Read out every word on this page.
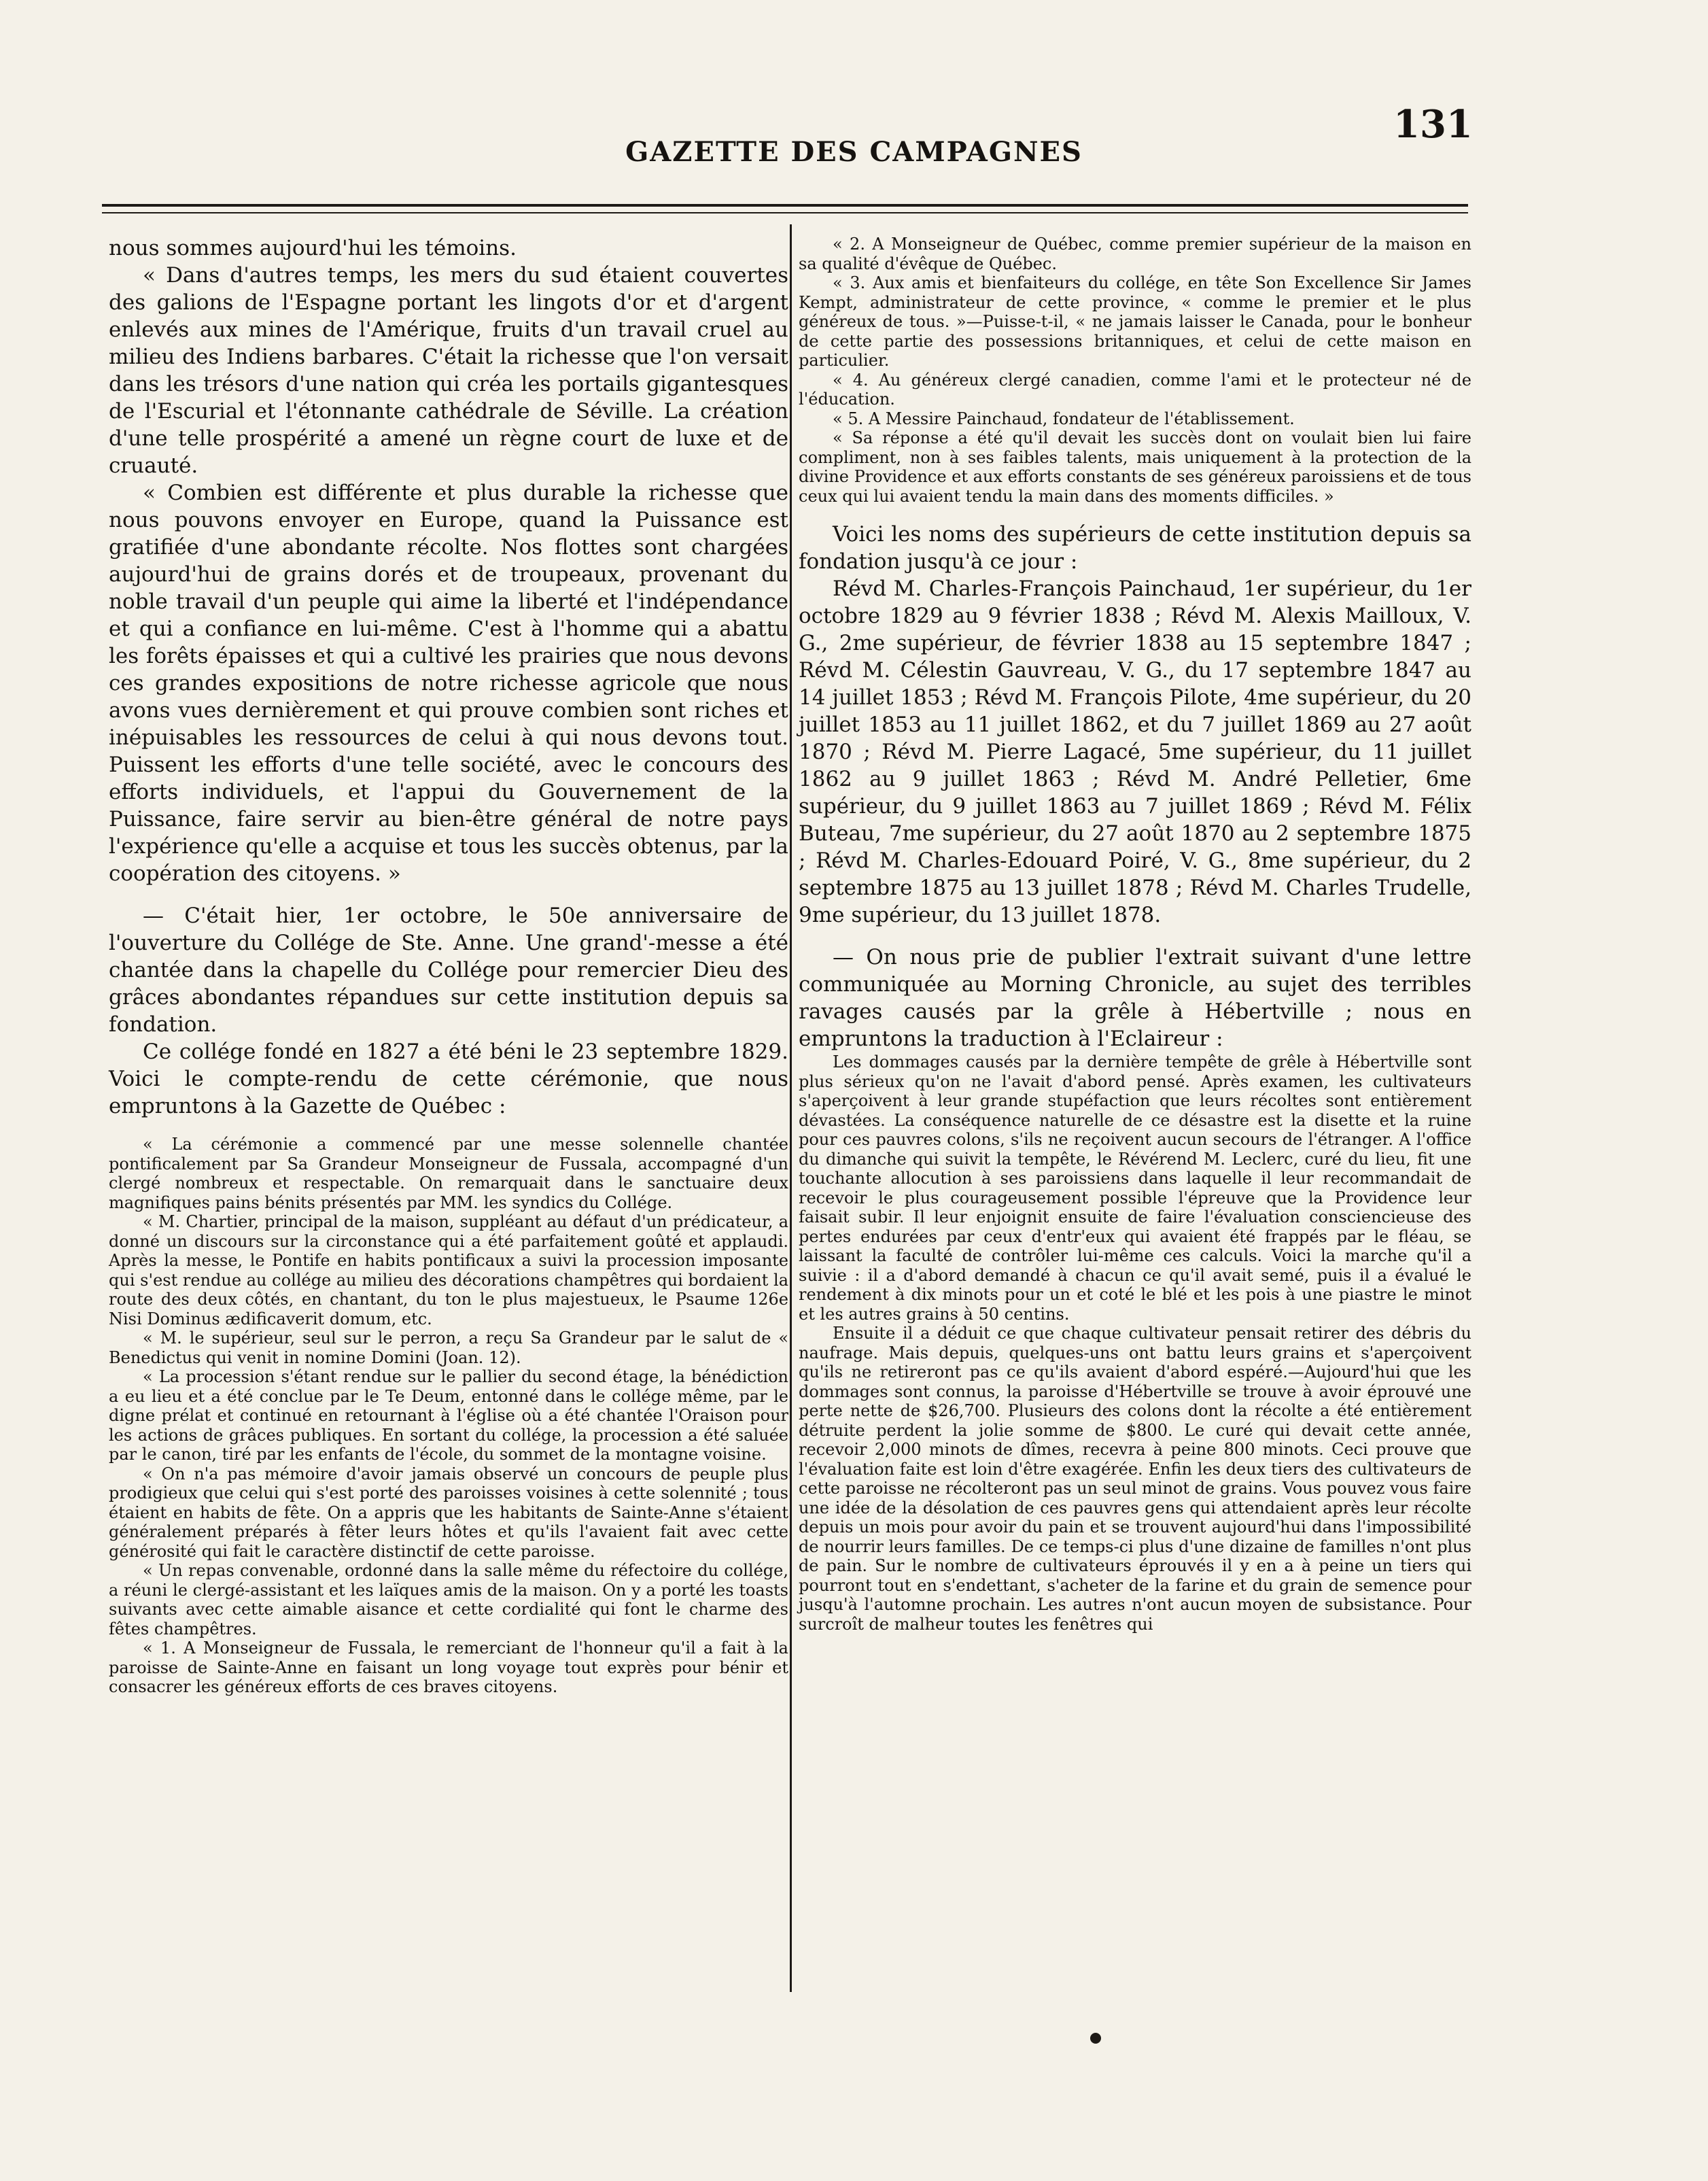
GAZETTE DES CAMPAGNES
131

nous sommes aujourd'hui les témoins.

« Dans d'autres temps, les mers du sud étaient couvertes des galions de l'Espagne portant les lingots d'or et d'argent enlevés aux mines de l'Amérique, fruits d'un travail cruel au milieu des Indiens barbares. C'était la richesse que l'on versait dans les trésors d'une nation qui créa les portails gigantesques de l'Escurial et l'étonnante cathédrale de Séville. La création d'une telle prospérité a amené un règne court de luxe et de cruauté.

« Combien est différente et plus durable la richesse que nous pouvons envoyer en Europe, quand la Puissance est gratifiée d'une abondante récolte. Nos flottes sont chargées aujourd'hui de grains dorés et de troupeaux, provenant du noble travail d'un peuple qui aime la liberté et l'indépendance et qui a confiance en lui-même. C'est à l'homme qui a abattu les forêts épaisses et qui a cultivé les prairies que nous devons ces grandes expositions de notre richesse agricole que nous avons vues dernièrement et qui prouve combien sont riches et inépuisables les ressources de celui à qui nous devons tout. Puissent les efforts d'une telle société, avec le concours des efforts individuels, et l'appui du Gouvernement de la Puissance, faire servir au bien-être général de notre pays l'expérience qu'elle a acquise et tous les succès obtenus, par la coopération des citoyens. »

— C'était hier, 1er octobre, le 50e anniversaire de l'ouverture du Collége de Ste. Anne. Une grand'-messe a été chantée dans la chapelle du Collége pour remercier Dieu des grâces abondantes répandues sur cette institution depuis sa fondation.

Ce collége fondé en 1827 a été béni le 23 septembre 1829. Voici le compte-rendu de cette cérémonie, que nous empruntons à la Gazette de Québec :

« La cérémonie a commencé par une messe solennelle chantée pontificalement par Sa Grandeur Monseigneur de Fussala, accompagné d'un clergé nombreux et respectable. On remarquait dans le sanctuaire deux magnifiques pains bénits présentés par MM. les syndics du Collége.

« M. Chartier, principal de la maison, suppléant au défaut d'un prédicateur, a donné un discours sur la circonstance qui a été parfaitement goûté et applaudi. Après la messe, le Pontife en habits pontificaux a suivi la procession imposante qui s'est rendue au collége au milieu des décorations champêtres qui bordaient la route des deux côtés, en chantant, du ton le plus majestueux, le Psaume 126e Nisi Dominus ædificaverit domum, etc.

« M. le supérieur, seul sur le perron, a reçu Sa Grandeur par le salut de « Benedictus qui venit in nomine Domini (Joan. 12).

« La procession s'étant rendue sur le pallier du second étage, la bénédiction a eu lieu et a été conclue par le Te Deum, entonné dans le collége même, par le digne prélat et continué en retournant à l'église où a été chantée l'Oraison pour les actions de grâces publiques. En sortant du collége, la procession a été saluée par le canon, tiré par les enfants de l'école, du sommet de la montagne voisine.

« On n'a pas mémoire d'avoir jamais observé un concours de peuple plus prodigieux que celui qui s'est porté des paroisses voisines à cette solennité ; tous étaient en habits de fête. On a appris que les habitants de Sainte-Anne s'étaient généralement préparés à fêter leurs hôtes et qu'ils l'avaient fait avec cette générosité qui fait le caractère distinctif de cette paroisse.

« Un repas convenable, ordonné dans la salle même du réfectoire du collége, a réuni le clergé-assistant et les laïques amis de la maison. On y a porté les toasts suivants avec cette aimable aisance et cette cordialité qui font le charme des fêtes champêtres.

« 1. A Monseigneur de Fussala, le remerciant de l'honneur qu'il a fait à la paroisse de Sainte-Anne en faisant un long voyage tout exprès pour bénir et consacrer les généreux efforts de ces braves citoyens.

« 2. A Monseigneur de Québec, comme premier supérieur de la maison en sa qualité d'évêque de Québec.

« 3. Aux amis et bienfaiteurs du collége, en tête Son Excellence Sir James Kempt, administrateur de cette province, « comme le premier et le plus généreux de tous. »—Puisse-t-il, « ne jamais laisser le Canada, pour le bonheur de cette partie des possessions britanniques, et celui de cette maison en particulier.

« 4. Au généreux clergé canadien, comme l'ami et le protecteur né de l'éducation.

« 5. A Messire Painchaud, fondateur de l'établissement.

« Sa réponse a été qu'il devait les succès dont on voulait bien lui faire compliment, non à ses faibles talents, mais uniquement à la protection de la divine Providence et aux efforts constants de ses généreux paroissiens et de tous ceux qui lui avaient tendu la main dans des moments difficiles. »

Voici les noms des supérieurs de cette institution depuis sa fondation jusqu'à ce jour :

Révd M. Charles-François Painchaud, 1er supérieur, du 1er octobre 1829 au 9 février 1838 ; Révd M. Alexis Mailloux, V. G., 2me supérieur, de février 1838 au 15 septembre 1847 ; Révd M. Célestin Gauvreau, V. G., du 17 septembre 1847 au 14 juillet 1853 ; Révd M. François Pilote, 4me supérieur, du 20 juillet 1853 au 11 juillet 1862, et du 7 juillet 1869 au 27 août 1870 ; Révd M. Pierre Lagacé, 5me supérieur, du 11 juillet 1862 au 9 juillet 1863 ; Révd M. André Pelletier, 6me supérieur, du 9 juillet 1863 au 7 juillet 1869 ; Révd M. Félix Buteau, 7me supérieur, du 27 août 1870 au 2 septembre 1875 ; Révd M. Charles-Edouard Poiré, V. G., 8me supérieur, du 2 septembre 1875 au 13 juillet 1878 ; Révd M. Charles Trudelle, 9me supérieur, du 13 juillet 1878.

— On nous prie de publier l'extrait suivant d'une lettre communiquée au Morning Chronicle, au sujet des terribles ravages causés par la grêle à Hébertville ; nous en empruntons la traduction à l'Eclaireur :

Les dommages causés par la dernière tempête de grêle à Hébertville sont plus sérieux qu'on ne l'avait d'abord pensé. Après examen, les cultivateurs s'aperçoivent à leur grande stupéfaction que leurs récoltes sont entièrement dévastées. La conséquence naturelle de ce désastre est la disette et la ruine pour ces pauvres colons, s'ils ne reçoivent aucun secours de l'étranger. A l'office du dimanche qui suivit la tempête, le Révérend M. Leclerc, curé du lieu, fit une touchante allocution à ses paroissiens dans laquelle il leur recommandait de recevoir le plus courageusement possible l'épreuve que la Providence leur faisait subir. Il leur enjoignit ensuite de faire l'évaluation consciencieuse des pertes endurées par ceux d'entr'eux qui avaient été frappés par le fléau, se laissant la faculté de contrôler lui-même ces calculs. Voici la marche qu'il a suivie : il a d'abord demandé à chacun ce qu'il avait semé, puis il a évalué le rendement à dix minots pour un et coté le blé et les pois à une piastre le minot et les autres grains à 50 centins.

Ensuite il a déduit ce que chaque cultivateur pensait retirer des débris du naufrage. Mais depuis, quelques-uns ont battu leurs grains et s'aperçoivent qu'ils ne retireront pas ce qu'ils avaient d'abord espéré.—Aujourd'hui que les dommages sont connus, la paroisse d'Hébertville se trouve à avoir éprouvé une perte nette de $26,700. Plusieurs des colons dont la récolte a été entièrement détruite perdent la jolie somme de $800. Le curé qui devait cette année, recevoir 2,000 minots de dîmes, recevra à peine 800 minots. Ceci prouve que l'évaluation faite est loin d'être exagérée. Enfin les deux tiers des cultivateurs de cette paroisse ne récolteront pas un seul minot de grains. Vous pouvez vous faire une idée de la désolation de ces pauvres gens qui attendaient après leur récolte depuis un mois pour avoir du pain et se trouvent aujourd'hui dans l'impossibilité de nourrir leurs familles. De ce temps-ci plus d'une dizaine de familles n'ont plus de pain. Sur le nombre de cultivateurs éprouvés il y en a à peine un tiers qui pourront tout en s'endettant, s'acheter de la farine et du grain de semence pour jusqu'à l'automne prochain. Les autres n'ont aucun moyen de subsistance. Pour surcroît de malheur toutes les fenêtres qui
